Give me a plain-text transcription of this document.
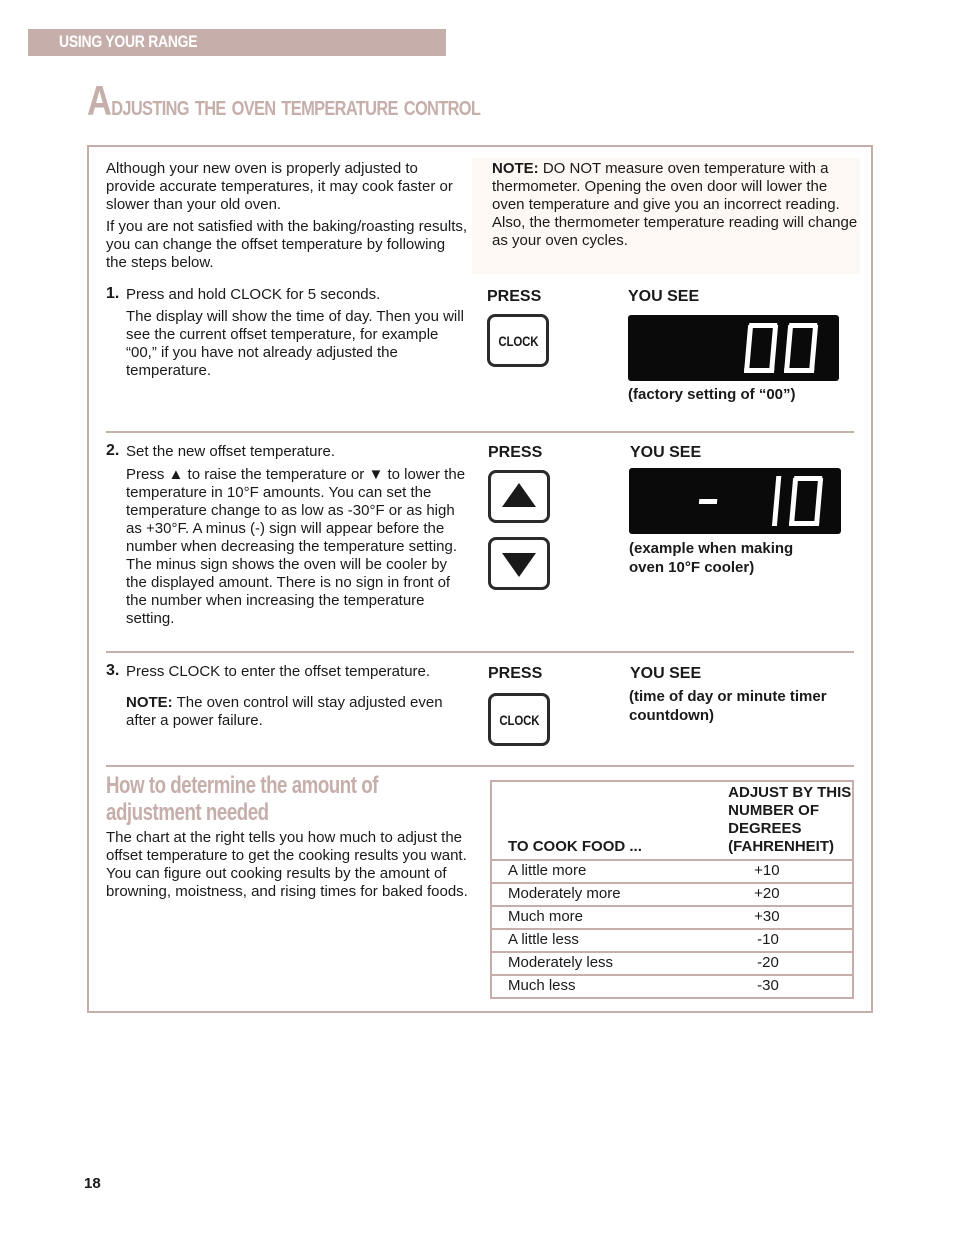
USING YOUR RANGE
Adjusting the oven temperature control

Although your new oven is properly adjusted to provide accurate temperatures, it may cook faster or slower than your old oven.

If you are not satisfied with the baking/roasting results, you can change the offset temperature by following the steps below.

NOTE: DO NOT measure oven temperature with a thermometer. Opening the oven door will lower the oven temperature and give you an incorrect reading. Also, the thermometer temperature reading will change as your oven cycles.
1. Press and hold CLOCK for 5 seconds.
The display will show the time of day. Then you will see the current offset temperature, for example “00,” if you have not already adjusted the temperature.
PRESS	YOU SEE
CLOCK
(factory setting of “00”)
2. Set the new offset temperature.
Press ▲ to raise the temperature or ▼ to lower the temperature in 10°F amounts. You can set the temperature change to as low as -30°F or as high as +30°F. A minus (-) sign will appear before the number when decreasing the temperature setting. The minus sign shows the oven will be cooler by the displayed amount. There is no sign in front of the number when increasing the temperature setting.
PRESS	YOU SEE
(example when making oven 10°F cooler)
3. Press CLOCK to enter the offset temperature.
NOTE: The oven control will stay adjusted even after a power failure.
PRESS	YOU SEE
CLOCK
(time of day or minute timer countdown)
How to determine the amount of
adjustment needed

The chart at the right tells you how much to adjust the offset temperature to get the cooking results you want. You can figure out cooking results by the amount of browning, moistness, and rising times for baked foods.

TO COOK FOOD ...	ADJUST BY THIS NUMBER OF DEGREES (FAHRENHEIT)
A little more	+10
Moderately more	+20
Much more	+30
A little less	-10
Moderately less	-20
Much less	-30
18
